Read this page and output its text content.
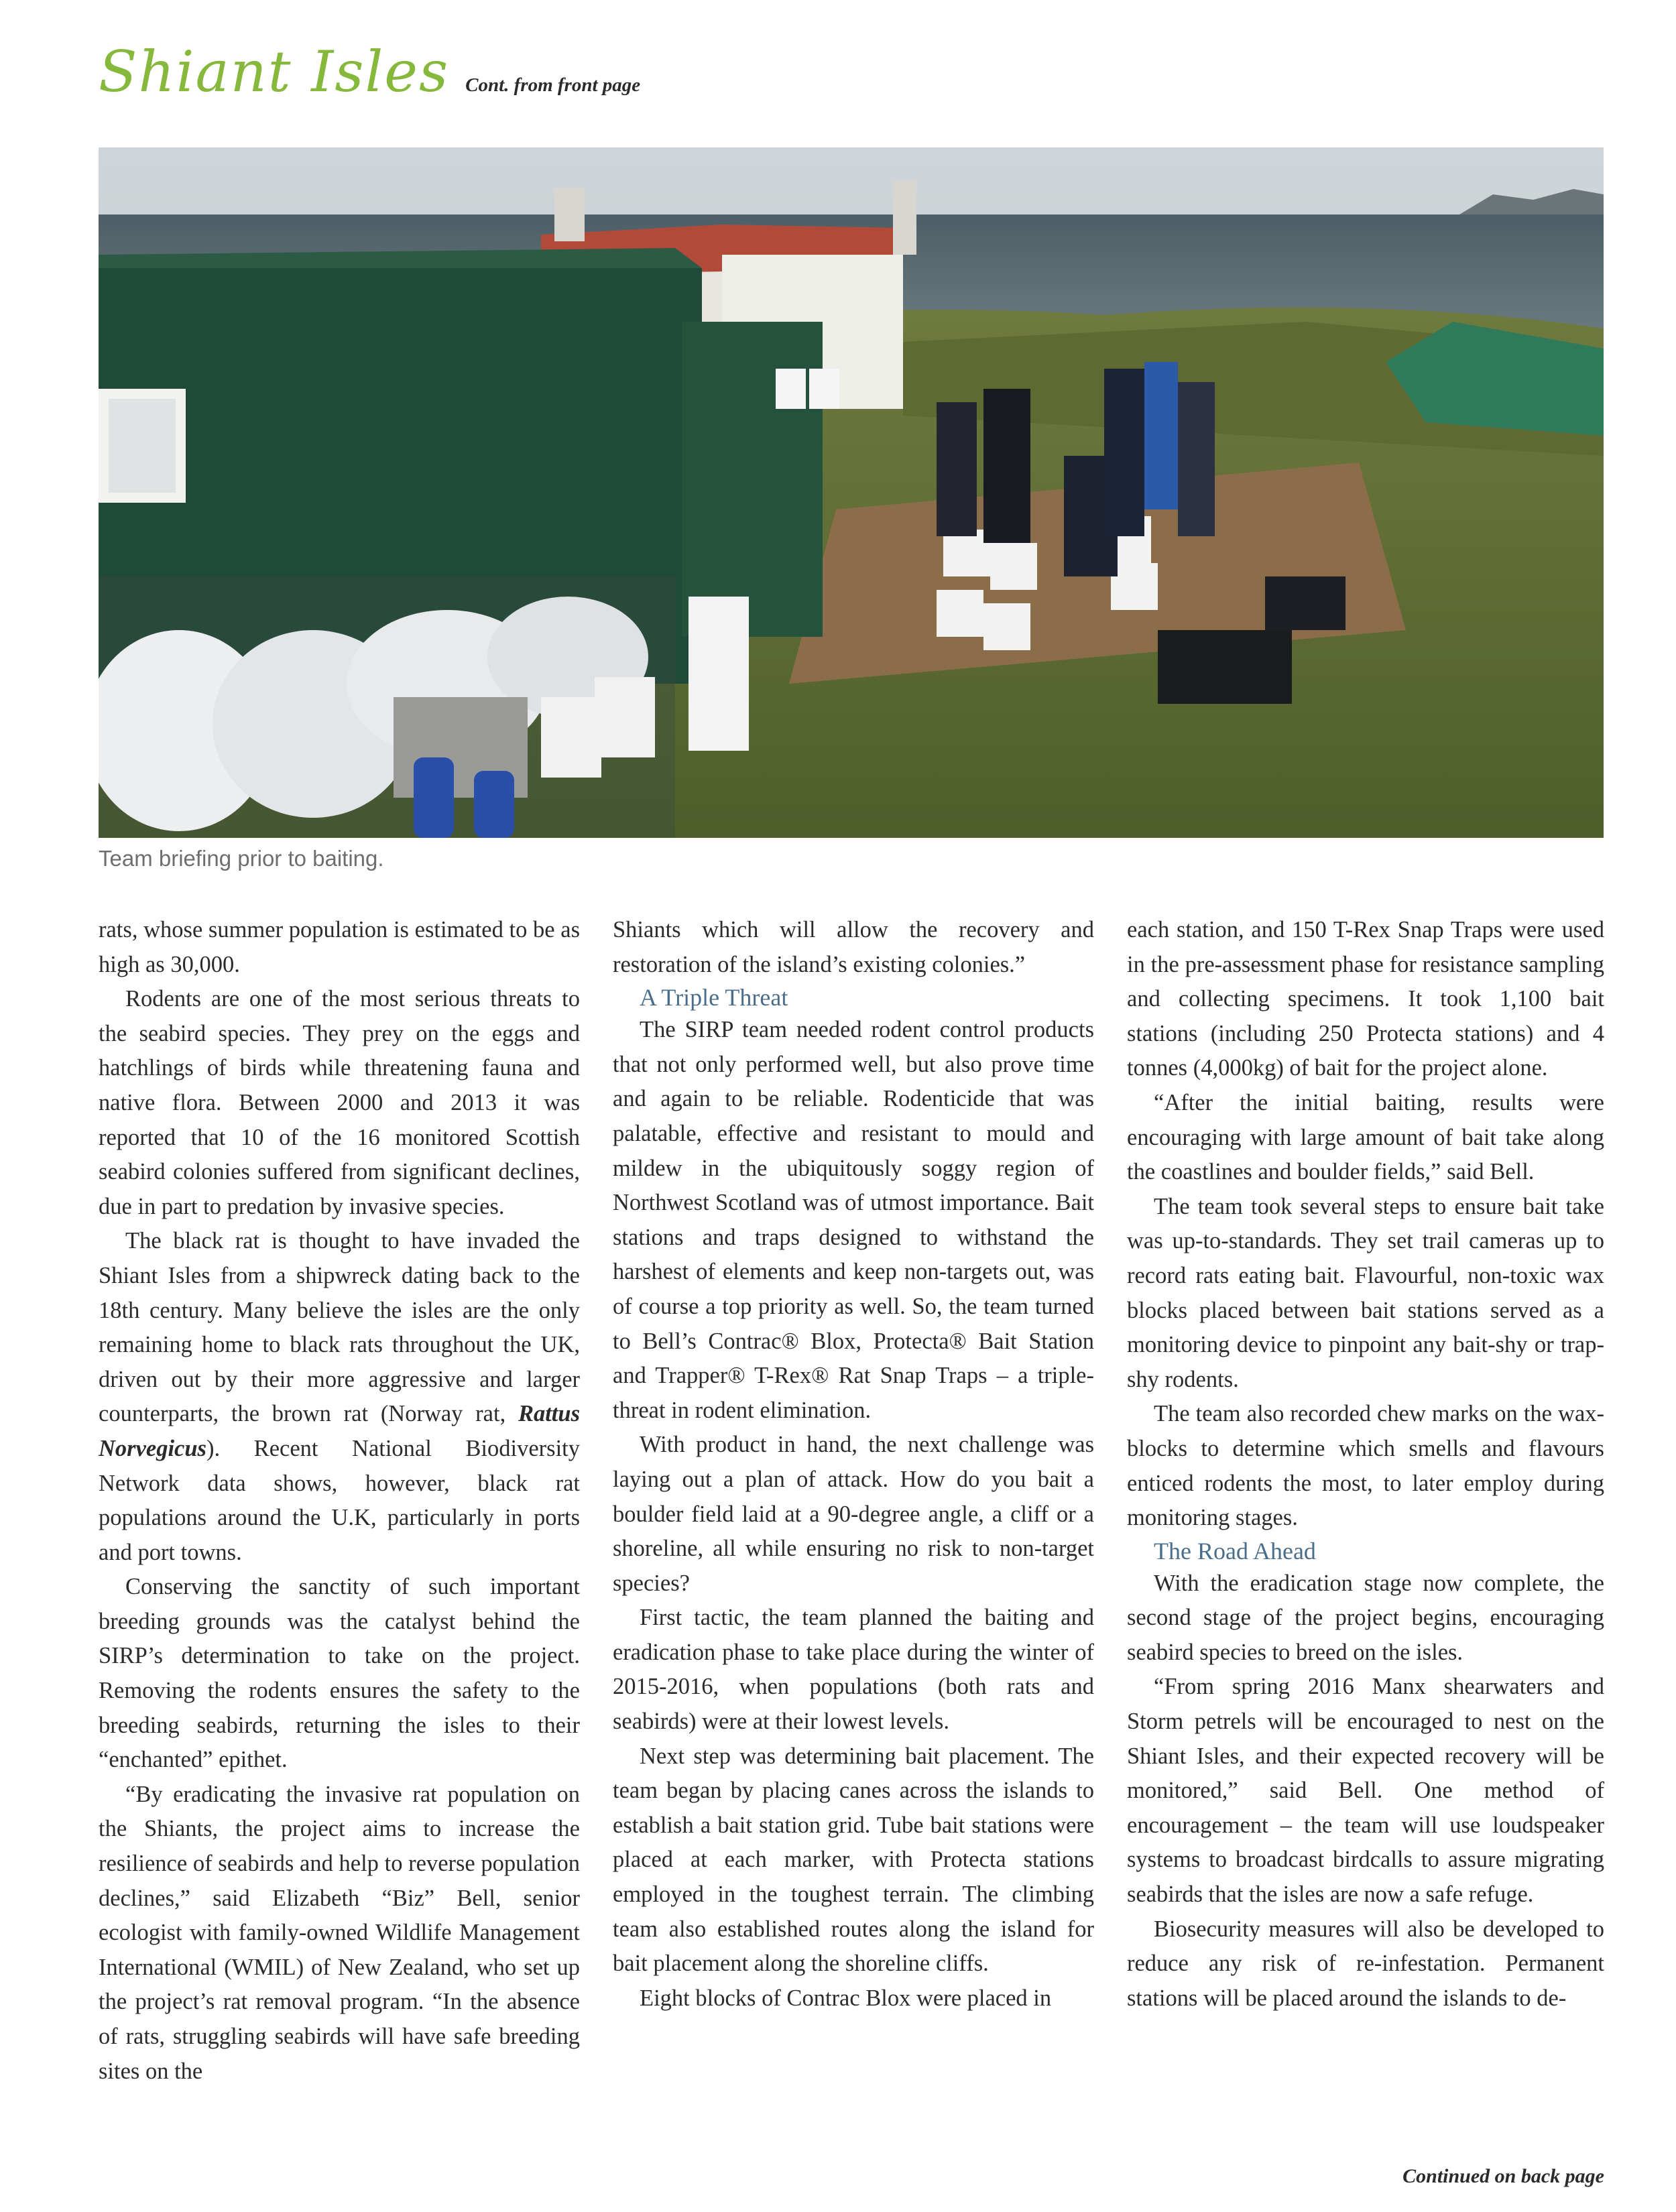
Shiant Isles Cont. from front page
Team briefing prior to baiting.

rats, whose summer population is estimated to be as high as 30,000.

Rodents are one of the most serious threats to the seabird species. They prey on the eggs and hatchlings of birds while threatening fauna and native flora. Between 2000 and 2013 it was reported that 10 of the 16 monitored Scottish seabird colonies suffered from significant declines, due in part to predation by invasive species.

The black rat is thought to have invaded the Shiant Isles from a shipwreck dating back to the 18th century. Many believe the isles are the only remaining home to black rats throughout the UK, driven out by their more aggressive and larger counterparts, the brown rat (Norway rat, Rattus Norvegicus). Recent National Biodiversity Network data shows, however, black rat populations around the U.K, particularly in ports and port towns.

Conserving the sanctity of such important breeding grounds was the catalyst behind the SIRP’s determination to take on the project. Removing the rodents ensures the safety to the breeding seabirds, returning the isles to their “enchanted” epithet.

“By eradicating the invasive rat population on the Shiants, the project aims to increase the resilience of seabirds and help to reverse population declines,” said Elizabeth “Biz” Bell, senior ecologist with family-owned Wildlife Management International (WMIL) of New Zealand, who set up the project’s rat removal program. “In the absence of rats, struggling seabirds will have safe breeding sites on the

Shiants which will allow the recovery and restoration of the island’s existing colonies.”

A Triple Threat

The SIRP team needed rodent control products that not only performed well, but also prove time and again to be reliable. Rodenticide that was palatable, effective and resistant to mould and mildew in the ubiquitously soggy region of Northwest Scotland was of utmost importance. Bait stations and traps designed to withstand the harshest of elements and keep non-targets out, was of course a top priority as well. So, the team turned to Bell’s Contrac® Blox, Protecta® Bait Station and Trapper® T-Rex® Rat Snap Traps – a triple-threat in rodent elimination.

With product in hand, the next challenge was laying out a plan of attack. How do you bait a boulder field laid at a 90-degree angle, a cliff or a shoreline, all while ensuring no risk to non-target species?

First tactic, the team planned the baiting and eradication phase to take place during the winter of 2015-2016, when populations (both rats and seabirds) were at their lowest levels.

Next step was determining bait placement. The team began by placing canes across the islands to establish a bait station grid. Tube bait stations were placed at each marker, with Protecta stations employed in the toughest terrain. The climbing team also established routes along the island for bait placement along the shoreline cliffs.

Eight blocks of Contrac Blox were placed in

each station, and 150 T-Rex Snap Traps were used in the pre-assessment phase for resistance sampling and collecting specimens. It took 1,100 bait stations (including 250 Protecta stations) and 4 tonnes (4,000kg) of bait for the project alone.

“After the initial baiting, results were encouraging with large amount of bait take along the coastlines and boulder fields,” said Bell.

The team took several steps to ensure bait take was up-to-standards. They set trail cameras up to record rats eating bait. Flavourful, non-toxic wax blocks placed between bait stations served as a monitoring device to pinpoint any bait-shy or trap-shy rodents.

The team also recorded chew marks on the wax-blocks to determine which smells and flavours enticed rodents the most, to later employ during monitoring stages.

The Road Ahead

With the eradication stage now complete, the second stage of the project begins, encouraging seabird species to breed on the isles.

“From spring 2016 Manx shearwaters and Storm petrels will be encouraged to nest on the Shiant Isles, and their expected recovery will be monitored,” said Bell. One method of encouragement – the team will use loudspeaker systems to broadcast birdcalls to assure migrating seabirds that the isles are now a safe refuge.

Biosecurity measures will also be developed to reduce any risk of re-infestation. Permanent stations will be placed around the islands to de-

Continued on back page
